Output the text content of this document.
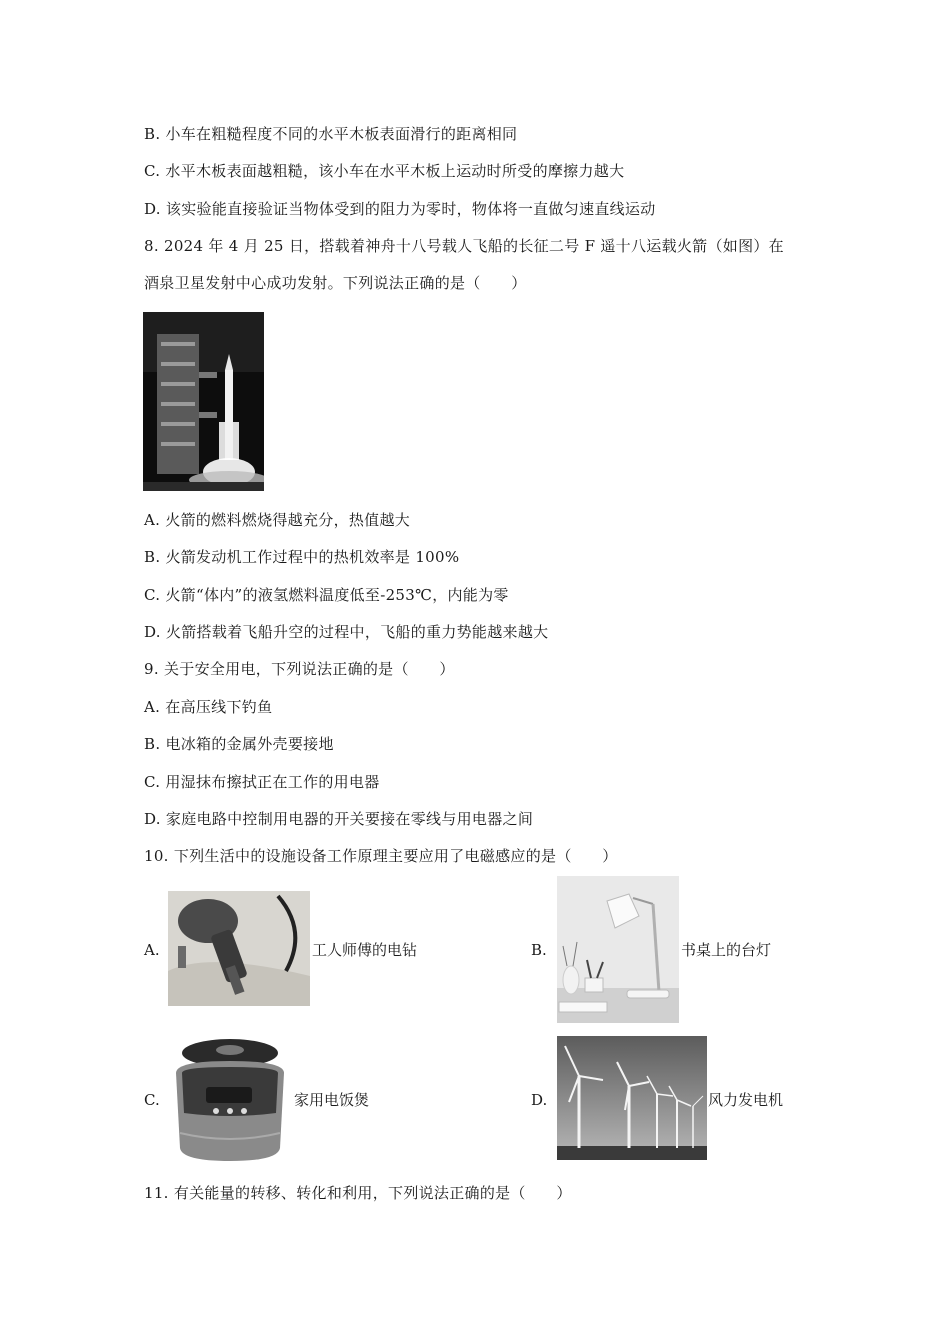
B. 小车在粗糙程度不同的水平木板表面滑行的距离相同
C. 水平木板表面越粗糙，该小车在水平木板上运动时所受的摩擦力越大
D. 该实验能直接验证当物体受到的阻力为零时，物体将一直做匀速直线运动
8. 2024 年 4 月 25 日，搭载着神舟十八号载人飞船的长征二号 F 遥十八运载火箭（如图）在
酒泉卫星发射中心成功发射。下列说法正确的是（　　）
A. 火箭的燃料燃烧得越充分，热值越大
B. 火箭发动机工作过程中的热机效率是 100%
C. 火箭“体内”的液氢燃料温度低至-253℃，内能为零
D. 火箭搭载着飞船升空的过程中，飞船的重力势能越来越大
9. 关于安全用电，下列说法正确的是（　　）
A. 在高压线下钓鱼
B. 电冰箱的金属外壳要接地
C. 用湿抹布擦拭正在工作的用电器
D. 家庭电路中控制用电器的开关要接在零线与用电器之间
10. 下列生活中的设施设备工作原理主要应用了电磁感应的是（　　）
A.	工人师傅的电钻	B.	书桌上的台灯
C.	家用电饭煲	D.	风力发电机
11. 有关能量的转移、转化和利用，下列说法正确的是（　　）
